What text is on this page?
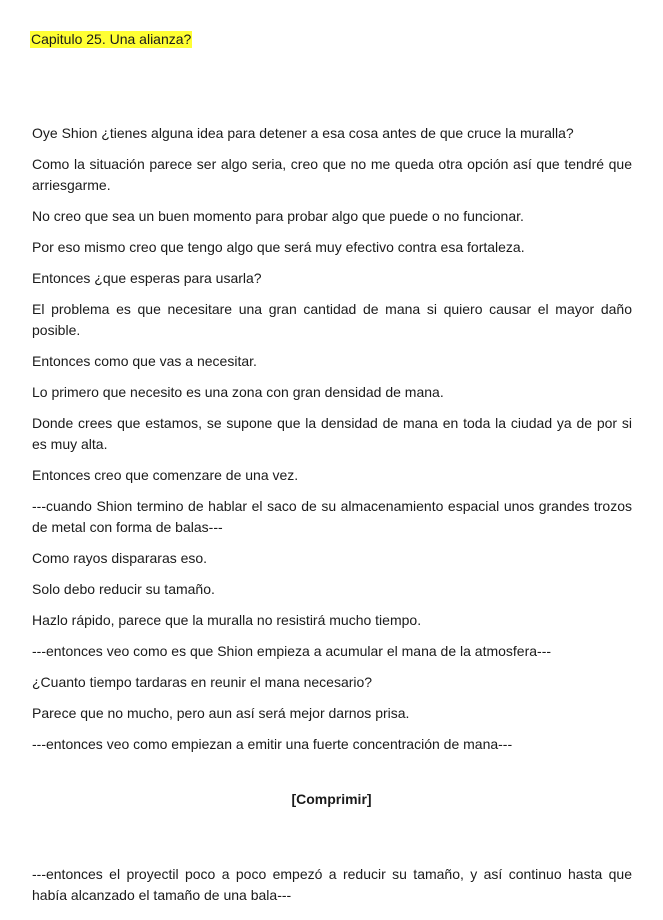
Capitulo 25. Una alianza?

Oye Shion ¿tienes alguna idea para detener a esa cosa antes de que cruce la muralla?

Como la situación parece ser algo seria, creo que no me queda otra opción así que tendré que arriesgarme.

No creo que sea un buen momento para probar algo que puede o no funcionar.

Por eso mismo creo que tengo algo que será muy efectivo contra esa fortaleza.

Entonces ¿que esperas para usarla?

El problema es que necesitare una gran cantidad de mana si quiero causar el mayor daño posible.

Entonces como que vas a necesitar.

Lo primero que necesito es una zona con gran densidad de mana.

Donde crees que estamos, se supone que la densidad de mana en toda la ciudad ya de por si es muy alta.

Entonces creo que comenzare de una vez.

---cuando Shion termino de hablar el saco de su almacenamiento espacial unos grandes trozos de metal con forma de balas---

Como rayos dispararas eso.

Solo debo reducir su tamaño.

Hazlo rápido, parece que la muralla no resistirá mucho tiempo.

---entonces veo como es que Shion empieza a acumular el mana de la atmosfera---

¿Cuanto tiempo tardaras en reunir el mana necesario?

Parece que no mucho, pero aun así será mejor darnos prisa.

---entonces veo como empiezan a emitir una fuerte concentración de mana---

[Comprimir]

---entonces el proyectil poco a poco empezó a reducir su tamaño, y así continuo hasta que había alcanzado el tamaño de una bala---
